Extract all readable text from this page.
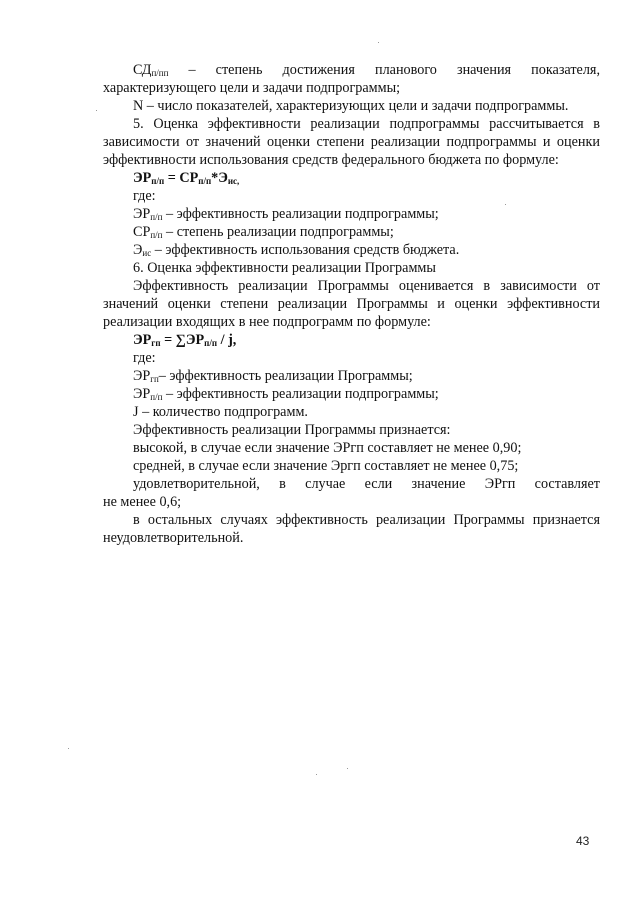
$СД_{п/пп}$ – степень достижения планового значения показателя,
характеризующего цели и задачи подпрограммы;
N – число показателей, характеризующих цели и задачи подпрограммы.
5. Оценка эффективности реализации подпрограммы рассчитывается в
зависимости от значений оценки степени реализации подпрограммы и оценки
эффективности использования средств федерального бюджета по формуле:
$ЭР_{п/п} = СР_{п/п}*Э_{ис,}$
где:
$ЭР_{п/п}$ – эффективность реализации подпрограммы;
$СР_{п/п}$ – степень реализации подпрограммы;
$Э_{ис}$ – эффективность использования средств бюджета.
6. Оценка эффективности реализации Программы
Эффективность реализации Программы оценивается в зависимости от
значений оценки степени реализации Программы и оценки эффективности
реализации входящих в нее подпрограмм по формуле:
$ЭР_{гп} = \sum ЭР_{п/п} / j$,
где:
$ЭР_{гп}-$ эффективность реализации Программы;
$ЭР_{п/п}$ – эффективность реализации подпрограммы;
J – количество подпрограмм.
Эффективность реализации Программы признается:
высокой, в случае если значение ЭРгп составляет не менее 0,90;
средней, в случае если значение Эргп составляет не менее 0,75;
удовлетворительной, в случае если значение ЭРгп составляет
не менее 0,6;
в остальных случаях эффективность реализации Программы признается
неудовлетворительной.
43
